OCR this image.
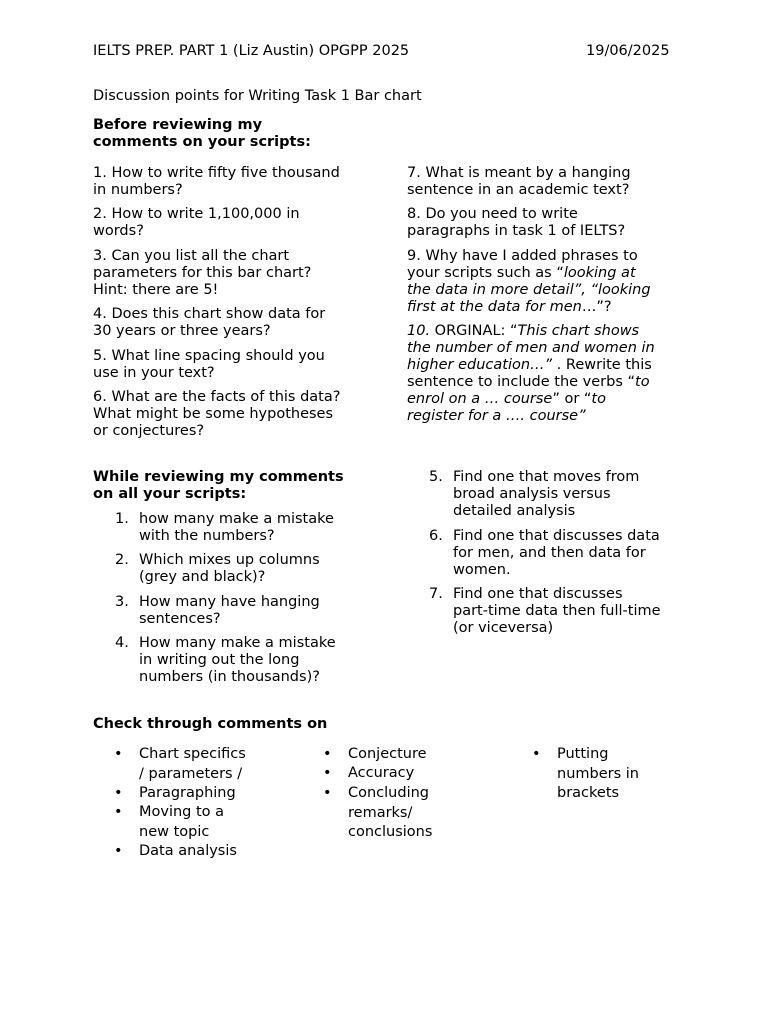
IELTS PREP. PART 1 (Liz Austin) OPGPP 2025	19/06/2025
Discussion points for Writing Task 1 Bar chart

Before reviewing my

comments on your scripts:

1. How to write fifty five thousand

in numbers?

2. How to write 1,100,000 in

words?

3. Can you list all the chart

parameters for this bar chart?

Hint: there are 5!

4. Does this chart show data for

30 years or three years?

5. What line spacing should you

use in your text?

6. What are the facts of this data?

What might be some hypotheses

or conjectures?

7. What is meant by a hanging

sentence in an academic text?

8. Do you need to write

paragraphs in task 1 of IELTS?

9. Why have I added phrases to

your scripts such as “looking at

the data in more detail”, “looking

first at the data for men…”?

10. ORGINAL: “This chart shows

the number of men and women in

higher education…” . Rewrite this

sentence to include the verbs “to

enrol on a … course” or “to

register for a …. course”

While reviewing my comments

on all your scripts:

1. how many make a mistake

with the numbers?

2. Which mixes up columns

(grey and black)?

3. How many have hanging

sentences?

4. How many make a mistake

in writing out the long

numbers (in thousands)?

5. Find one that moves from

broad analysis versus

detailed analysis

6. Find one that discusses data

for men, and then data for

women.

7. Find one that discusses

part-time data then full-time

(or viceversa)

Check through comments on
• Chart specifics

/ parameters /

• Paragraphing

• Moving to a

new topic

• Data analysis

• Conjecture

• Accuracy

• Concluding

remarks/

conclusions

• Putting

numbers in

brackets
